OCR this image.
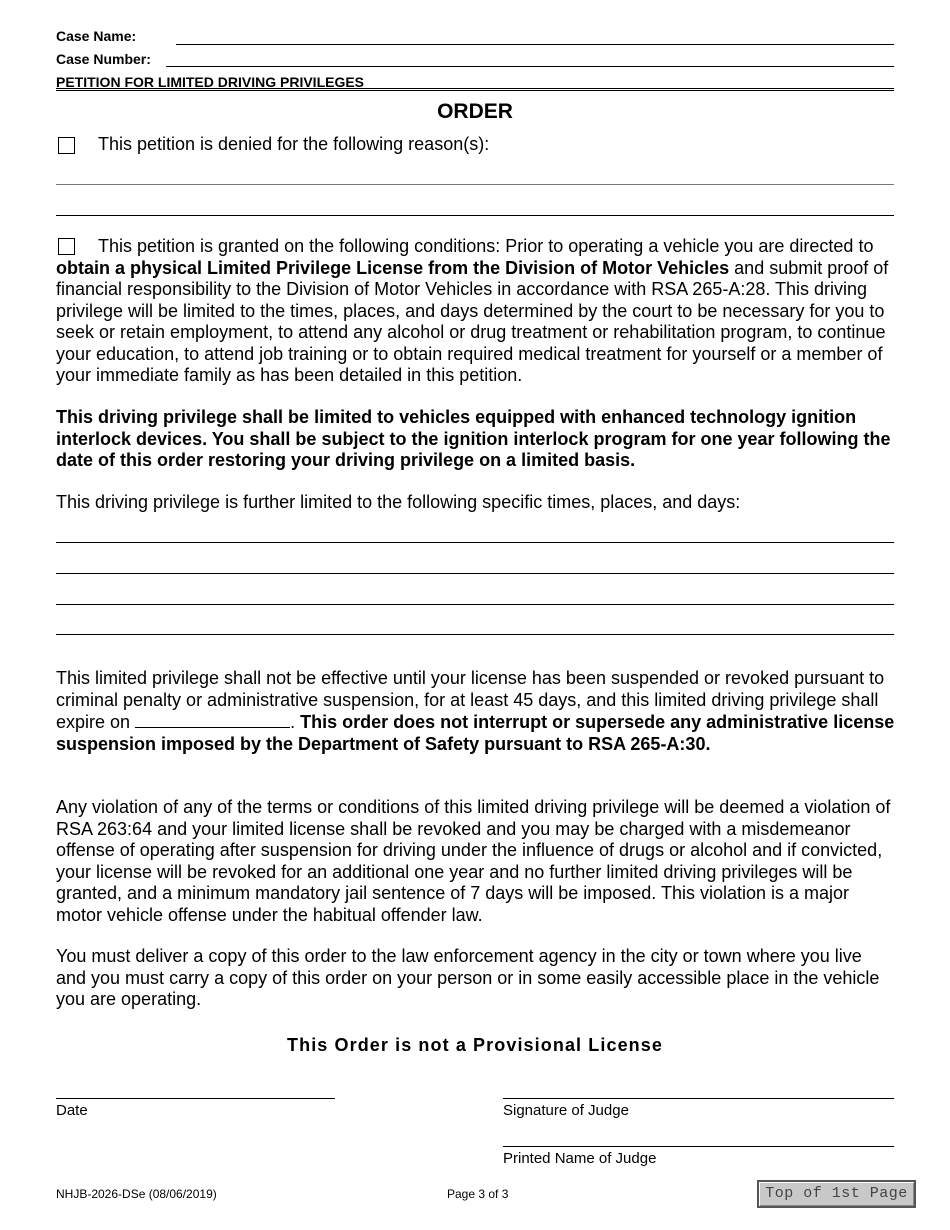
Case Name:
Case Number:
PETITION FOR LIMITED DRIVING PRIVILEGES
ORDER
This petition is denied for the following reason(s):
This petition is granted on the following conditions: Prior to operating a vehicle you are directed to obtain a physical Limited Privilege License from the Division of Motor Vehicles and submit proof of financial responsibility to the Division of Motor Vehicles in accordance with RSA 265-A:28. This driving privilege will be limited to the times, places, and days determined by the court to be necessary for you to seek or retain employment, to attend any alcohol or drug treatment or rehabilitation program, to continue your education, to attend job training or to obtain required medical treatment for yourself or a member of your immediate family as has been detailed in this petition.
This driving privilege shall be limited to vehicles equipped with enhanced technology ignition interlock devices. You shall be subject to the ignition interlock program for one year following the date of this order restoring your driving privilege on a limited basis.
This driving privilege is further limited to the following specific times, places, and days:
This limited privilege shall not be effective until your license has been suspended or revoked pursuant to criminal penalty or administrative suspension, for at least 45 days, and this limited driving privilege shall expire on	. This order does not interrupt or supersede any administrative license suspension imposed by the Department of Safety pursuant to RSA 265-A:30.
Any violation of any of the terms or conditions of this limited driving privilege will be deemed a violation of RSA 263:64 and your limited license shall be revoked and you may be charged with a misdemeanor offense of operating after suspension for driving under the influence of drugs or alcohol and if convicted, your license will be revoked for an additional one year and no further limited driving privileges will be granted, and a minimum mandatory jail sentence of 7 days will be imposed. This violation is a major motor vehicle offense under the habitual offender law.
You must deliver a copy of this order to the law enforcement agency in the city or town where you live and you must carry a copy of this order on your person or in some easily accessible place in the vehicle you are operating.
This Order is not a Provisional License
Date	Signature of Judge
Printed Name of Judge
NHJB-2026-DSe (08/06/2019)	Page 3 of 3	Top of 1st Page
